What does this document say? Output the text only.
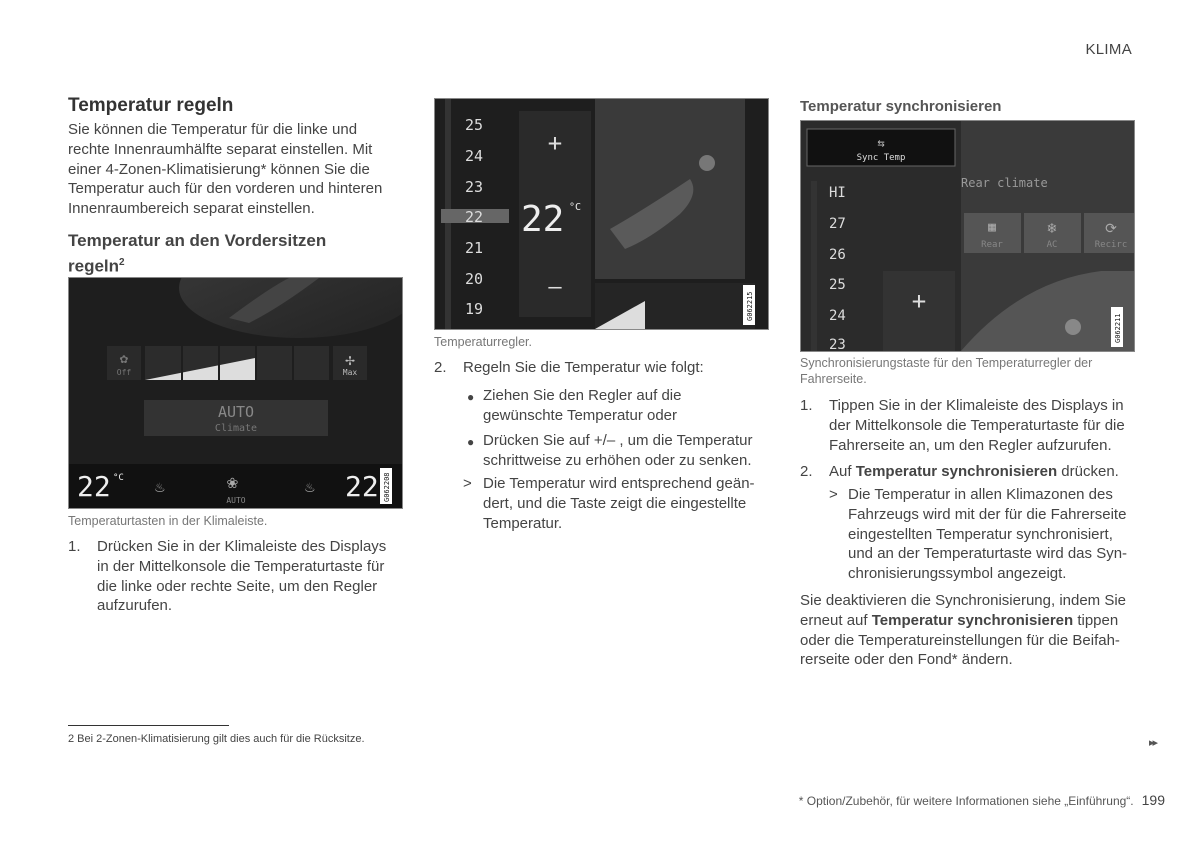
KLIMA
Temperatur regeln
Sie können die Temperatur für die linke und
rechte Innenraumhälfte separat einstellen. Mit
einer 4-Zonen-Klimatisierung* können Sie die
Temperatur auch für den vorderen und hinteren
Innenraumbereich separat einstellen.
Temperatur an den Vordersitzen
regeln$^2$
✿
Off
✢
Max
AUTO
Climate
22 °C ♨	❀
AUTO
♨ 22 G062208
Temperaturtasten in der Klimaleiste.
1. Drücken Sie in der Klimaleiste des Displays
in der Mittelkonsole die Temperaturtaste für
die linke oder rechte Seite, um den Regler
aufzurufen.
25
24
23
22
21
20
19
+
22 °C
–
G062215
Temperaturregler.
2. Regeln Sie die Temperatur wie folgt:
● Ziehen Sie den Regler auf die
gewünschte Temperatur oder
● Drücken Sie auf +/– , um die Temperatur
schrittweise zu erhöhen oder zu senken.
> Die Temperatur wird entsprechend geän-
dert, und die Taste zeigt die eingestellte
Temperatur.
Temperatur synchronisieren
⇆
Sync Temp
Rear climate
▦
Rear
❄
AC
⟳
Recirc
HI
27
26
25
24
23
+
G062211
Synchronisierungstaste für den Temperaturregler der
Fahrerseite.
1. Tippen Sie in der Klimaleiste des Displays in
der Mittelkonsole die Temperaturtaste für die
Fahrerseite an, um den Regler aufzurufen.
2. Auf Temperatur synchronisieren drücken.
> Die Temperatur in allen Klimazonen des
Fahrzeugs wird mit der für die Fahrerseite
eingestellten Temperatur synchronisiert,
und an der Temperaturtaste wird das Syn-
chronisierungssymbol angezeigt.
Sie deaktivieren die Synchronisierung, indem Sie
erneut auf Temperatur synchronisieren tippen
oder die Temperatureinstellungen für die Beifah-
rerseite oder den Fond* ändern.
2 Bei 2-Zonen-Klimatisierung gilt dies auch für die Rücksitze.	▸▸
* Option/Zubehör, für weitere Informationen siehe „Einführung“. 199
